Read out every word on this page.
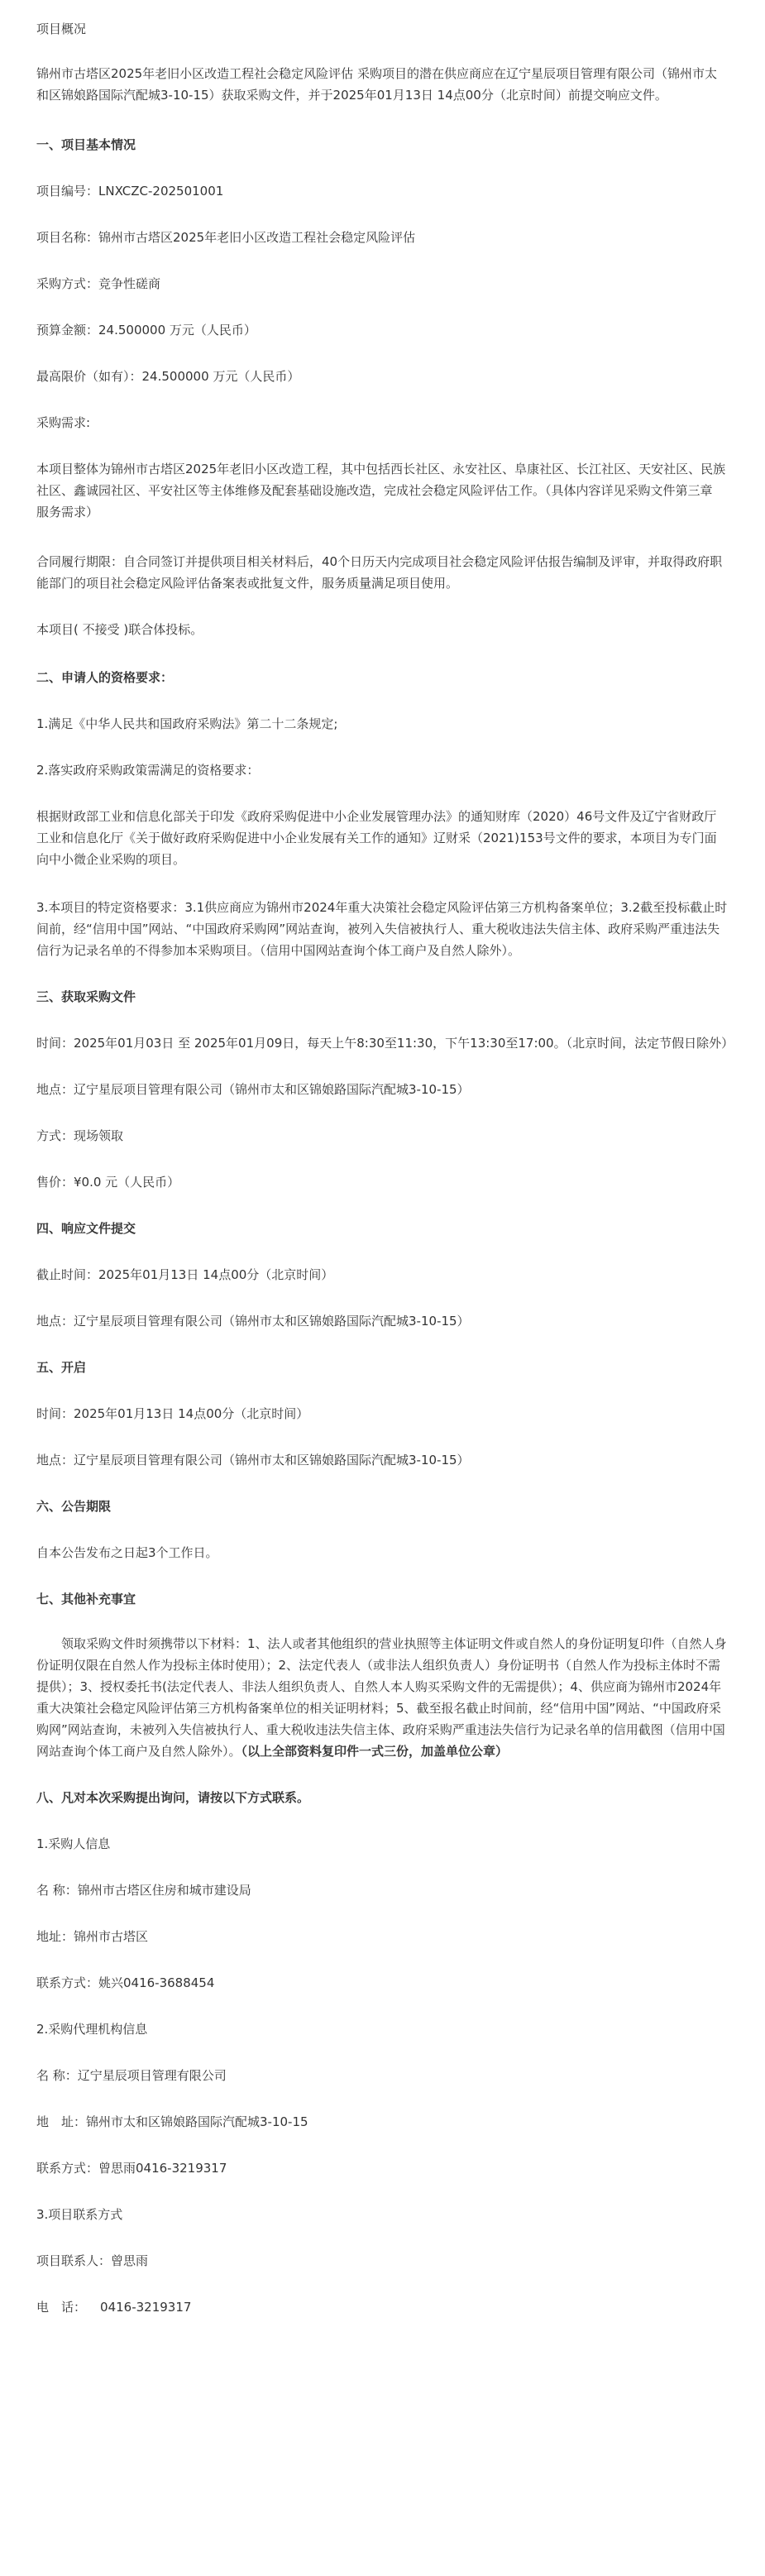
项目概况

锦州市古塔区2025年老旧小区改造工程社会稳定风险评估 采购项目的潜在供应商应在辽宁星辰项目管理有限公司（锦州市太和区锦娘路国际汽配城3-10-15）获取采购文件，并于2025年01月13日 14点00分（北京时间）前提交响应文件。

一、项目基本情况

项目编号：LNXCZC-202501001

项目名称：锦州市古塔区2025年老旧小区改造工程社会稳定风险评估

采购方式：竞争性磋商

预算金额：24.500000 万元（人民币）

最高限价（如有）：24.500000 万元（人民币）

采购需求:

本项目整体为锦州市古塔区2025年老旧小区改造工程，其中包括西长社区、永安社区、阜康社区、长江社区、天安社区、民族社区、鑫诚园社区、平安社区等主体维修及配套基础设施改造，完成社会稳定风险评估工作。（具体内容详见采购文件第三章 服务需求）

合同履行期限：自合同签订并提供项目相关材料后，40个日历天内完成项目社会稳定风险评估报告编制及评审，并取得政府职能部门的项目社会稳定风险评估备案表或批复文件，服务质量满足项目使用。

本项目( 不接受 )联合体投标。

二、申请人的资格要求：

1.满足《中华人民共和国政府采购法》第二十二条规定;

2.落实政府采购政策需满足的资格要求：

根据财政部工业和信息化部关于印发《政府采购促进中小企业发展管理办法》的通知财库（2020）46号文件及辽宁省财政厅工业和信息化厅《关于做好政府采购促进中小企业发展有关工作的通知》辽财采（2021)153号文件的要求，本项目为专门面向中小微企业采购的项目。

3.本项目的特定资格要求：3.1供应商应为锦州市2024年重大决策社会稳定风险评估第三方机构备案单位；3.2截至投标截止时间前，经“信用中国”网站、“中国政府采购网”网站查询，被列入失信被执行人、重大税收违法失信主体、政府采购严重违法失信行为记录名单的不得参加本采购项目。（信用中国网站查询个体工商户及自然人除外）。

三、获取采购文件

时间：2025年01月03日 至 2025年01月09日，每天上午8:30至11:30，下午13:30至17:00。（北京时间，法定节假日除外）

地点：辽宁星辰项目管理有限公司（锦州市太和区锦娘路国际汽配城3-10-15）

方式：现场领取

售价：¥0.0 元（人民币）

四、响应文件提交

截止时间：2025年01月13日 14点00分（北京时间）

地点：辽宁星辰项目管理有限公司（锦州市太和区锦娘路国际汽配城3-10-15）

五、开启

时间：2025年01月13日 14点00分（北京时间）

地点：辽宁星辰项目管理有限公司（锦州市太和区锦娘路国际汽配城3-10-15）

六、公告期限

自本公告发布之日起3个工作日。

七、其他补充事宜

领取采购文件时须携带以下材料：1、法人或者其他组织的营业执照等主体证明文件或自然人的身份证明复印件（自然人身份证明仅限在自然人作为投标主体时使用）；2、法定代表人（或非法人组织负责人）身份证明书（自然人作为投标主体时不需提供）；3、授权委托书(法定代表人、非法人组织负责人、自然人本人购买采购文件的无需提供）；4、供应商为锦州市2024年重大决策社会稳定风险评估第三方机构备案单位的相关证明材料；5、截至报名截止时间前，经“信用中国”网站、“中国政府采购网”网站查询，未被列入失信被执行人、重大税收违法失信主体、政府采购严重违法失信行为记录名单的信用截图（信用中国网站查询个体工商户及自然人除外）。（以上全部资料复印件一式三份，加盖单位公章）

八、凡对本次采购提出询问，请按以下方式联系。

1.采购人信息

名 称：锦州市古塔区住房和城市建设局

地址：锦州市古塔区

联系方式：姚兴0416-3688454

2.采购代理机构信息

名 称：辽宁星辰项目管理有限公司

地　址：锦州市太和区锦娘路国际汽配城3-10-15

联系方式：曾思雨0416-3219317

3.项目联系方式

项目联系人：曾思雨

电　话：　  0416-3219317
